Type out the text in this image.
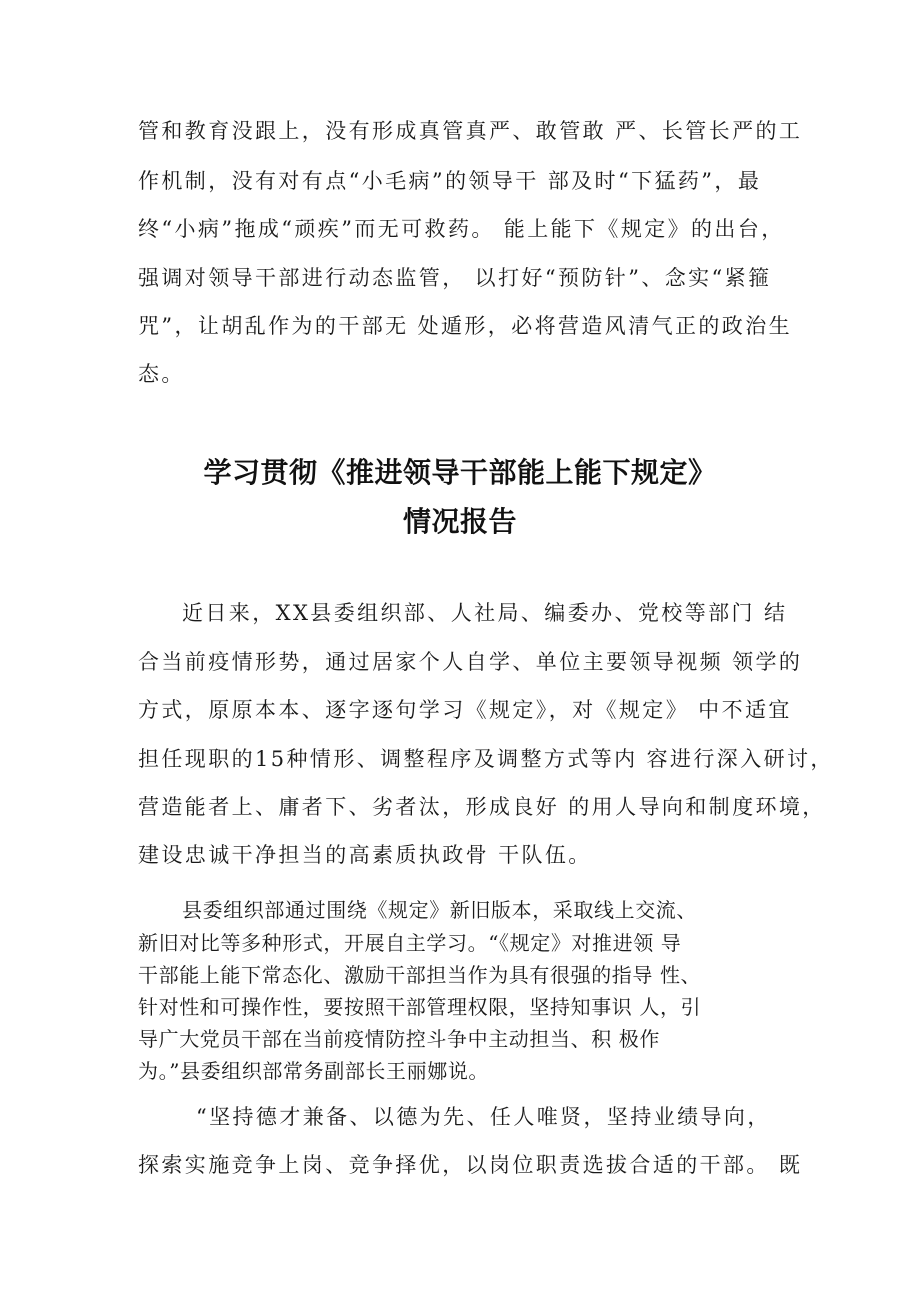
管和教育没跟上，没有形成真管真严、敢管敢 严、长管长严的工

作机制，没有对有点“小毛病”的领导干 部及时“下猛药”，最

终“小病”拖成“顽疾”而无可救药。 能上能下《规定》的出台，

强调对领导干部进行动态监管， 以打好“预防针”、念实“紧箍

咒”，让胡乱作为的干部无 处遁形，必将营造风清气正的政治生

态。

学习贯彻《推进领导干部能上能下规定》
情况报告

近日来，XX县委组织部、人社局、编委办、党校等部门 结

合当前疫情形势，通过居家个人自学、单位主要领导视频 领学的

方式，原原本本、逐字逐句学习《规定》，对《规定》 中不适宜

担任现职的15种情形、调整程序及调整方式等内 容进行深入研讨，

营造能者上、庸者下、劣者汰，形成良好 的用人导向和制度环境，

建设忠诚干净担当的高素质执政骨 干队伍。

县委组织部通过围绕《规定》新旧版本，采取线上交流、

新旧对比等多种形式，开展自主学习。“《规定》对推进领 导

干部能上能下常态化、激励干部担当作为具有很强的指导 性、

针对性和可操作性，要按照干部管理权限，坚持知事识 人，引

导广大党员干部在当前疫情防控斗争中主动担当、积 极作

为。”县委组织部常务副部长王丽娜说。

“坚持德才兼备、以德为先、任人唯贤，坚持业绩导向，

探索实施竞争上岗、竞争择优，以岗位职责选拔合适的干部。 既
